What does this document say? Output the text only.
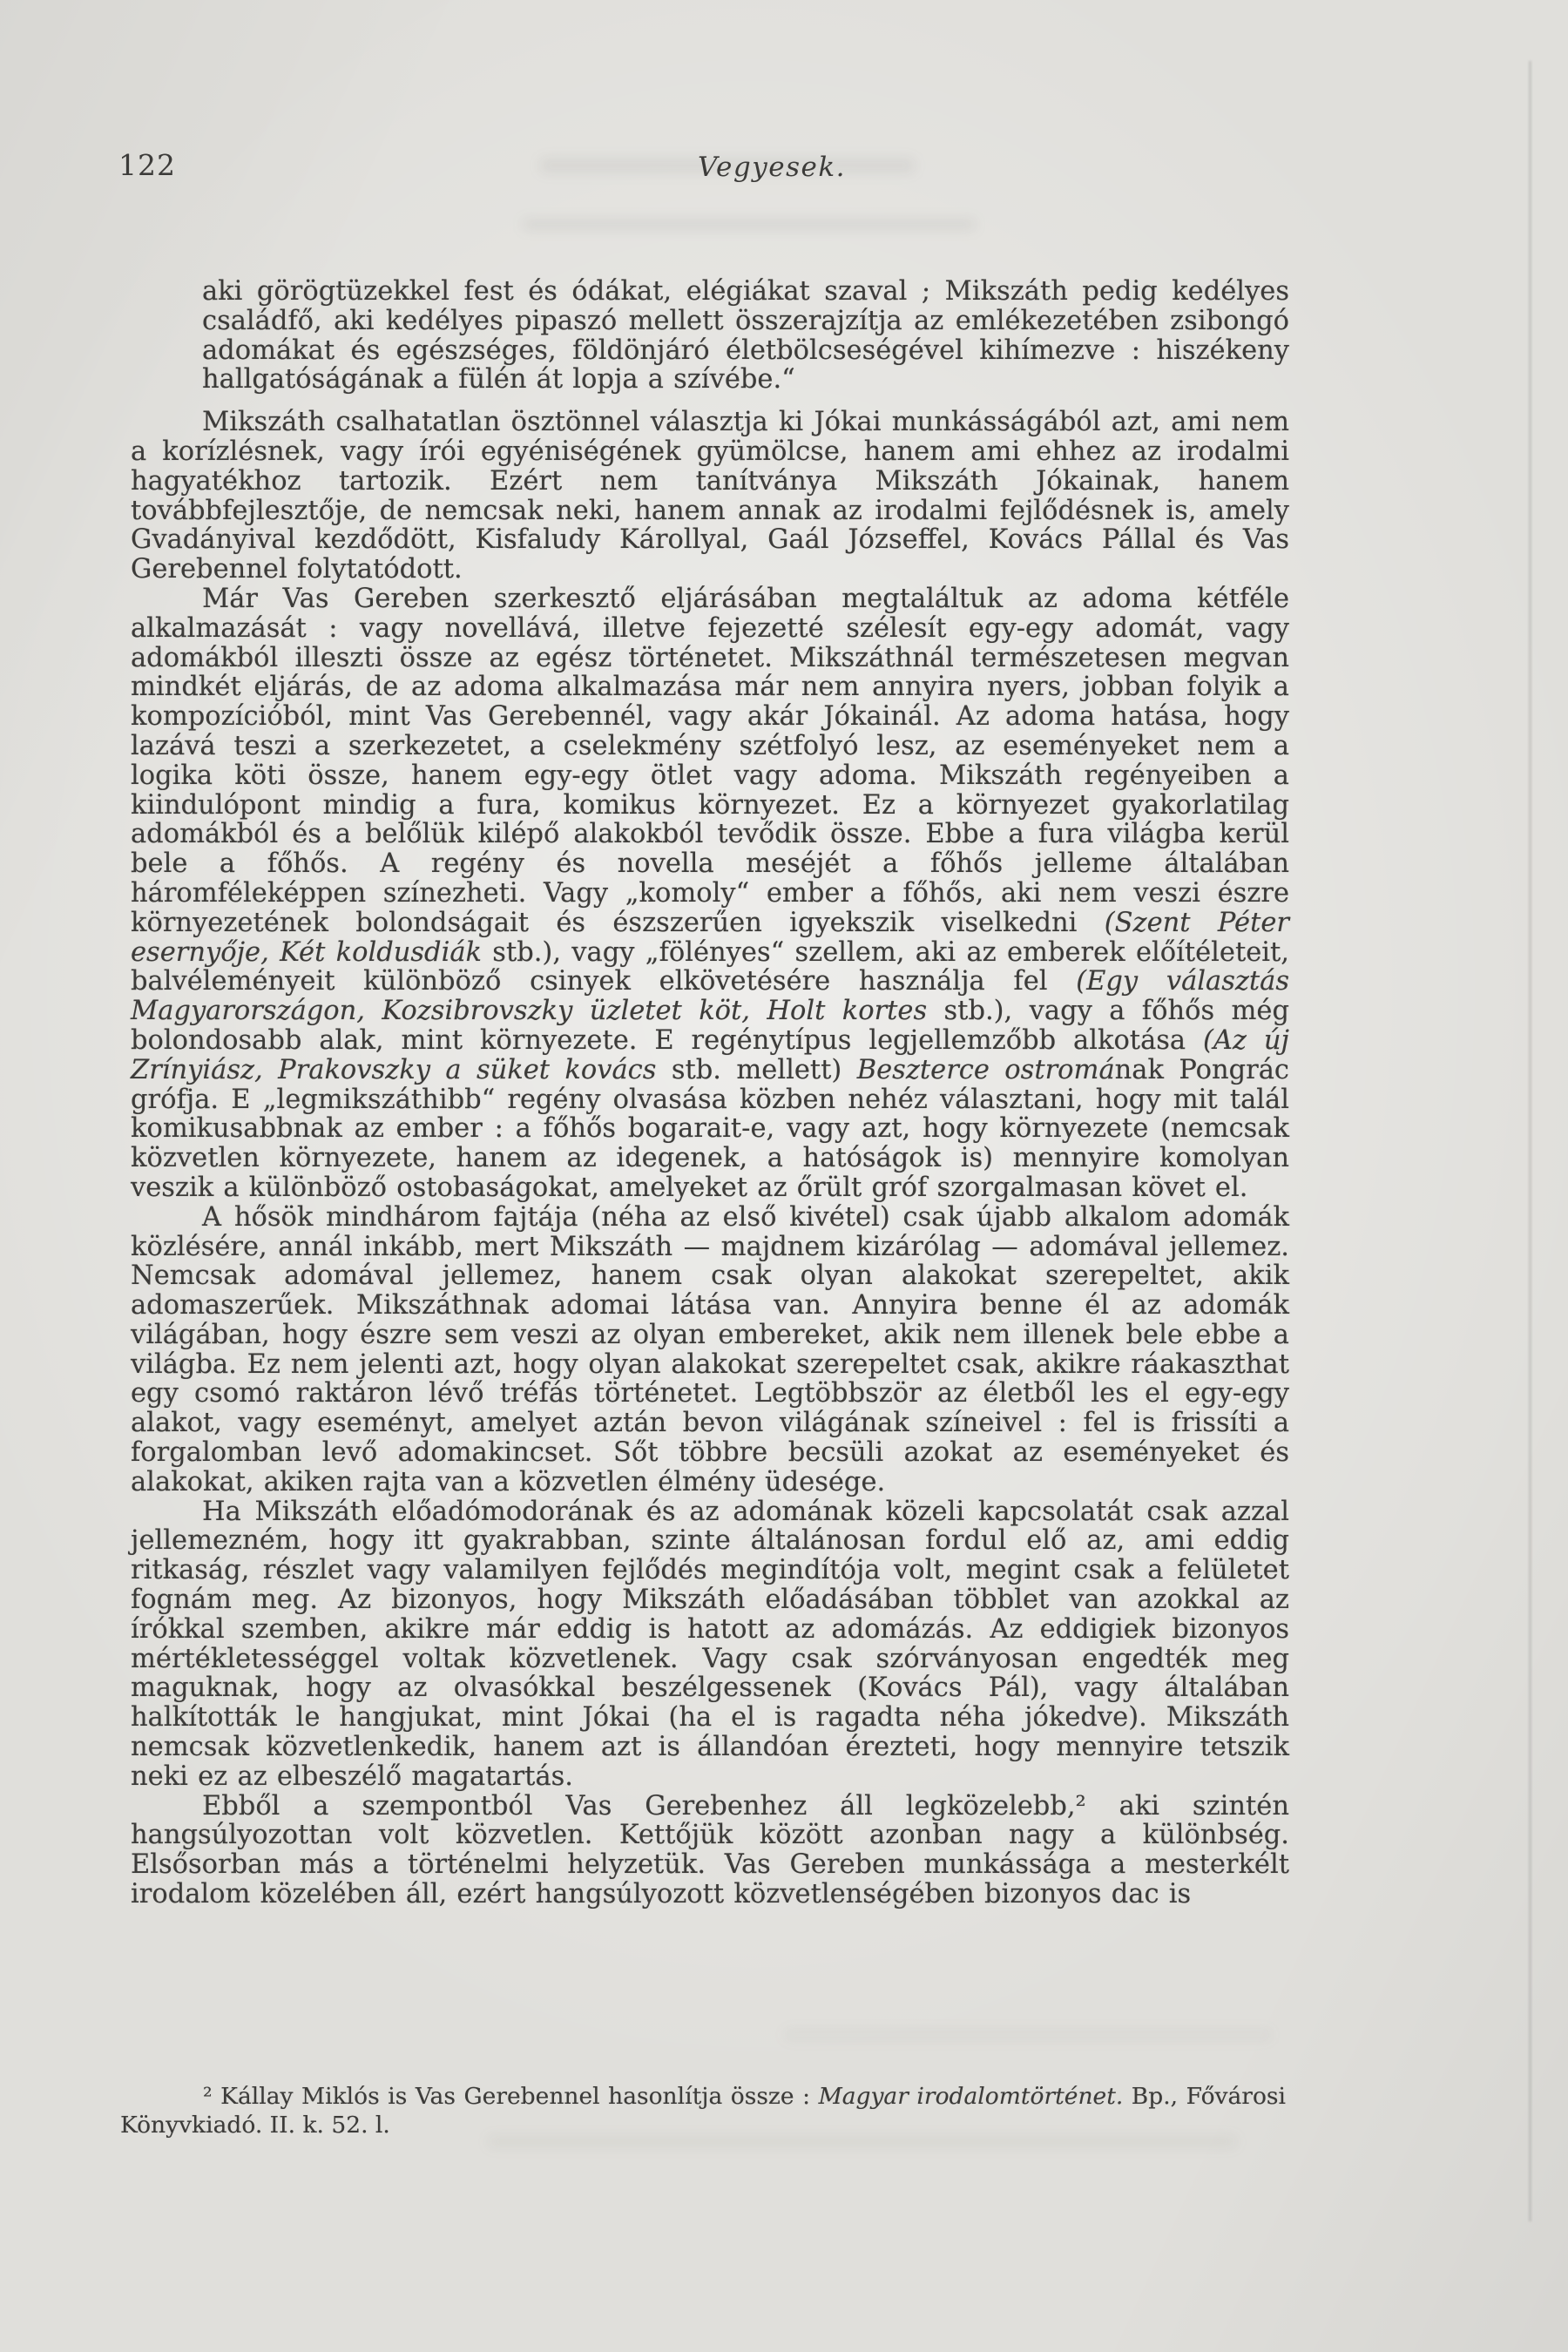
122	Vegyesek.

aki görögtüzekkel fest és ódákat, elégiákat szaval ; Mikszáth pedig kedélyes családfő, aki kedélyes pipaszó mellett összerajzítja az emlékezetében zsibongó adomákat és egészséges, földönjáró életbölcseségével kihímezve : hiszékeny hallgatóságának a fülén át lopja a szívébe.“

Mikszáth csalhatatlan ösztönnel választja ki Jókai munkásságából azt, ami nem a korízlésnek, vagy írói egyéniségének gyümölcse, hanem ami ehhez az irodalmi hagyatékhoz tartozik. Ezért nem tanítványa Mikszáth Jókainak, hanem továbbfejlesztője, de nemcsak neki, hanem annak az irodalmi fejlődésnek is, amely Gvadányival kezdődött, Kisfaludy Károllyal, Gaál Józseffel, Kovács Pállal és Vas Gerebennel folytatódott.

Már Vas Gereben szerkesztő eljárásában megtaláltuk az adoma kétféle alkalmazását : vagy novellává, illetve fejezetté szélesít egy-egy adomát, vagy adomákból illeszti össze az egész történetet. Mikszáthnál természetesen megvan mindkét eljárás, de az adoma alkalmazása már nem annyira nyers, jobban folyik a kompozícióból, mint Vas Gerebennél, vagy akár Jókainál. Az adoma hatása, hogy lazává teszi a szerkezetet, a cselekmény szétfolyó lesz, az eseményeket nem a logika köti össze, hanem egy-egy ötlet vagy adoma. Mikszáth regényeiben a kiindulópont mindig a fura, komikus környezet. Ez a környezet gyakorlatilag adomákból és a belőlük kilépő alakokból tevődik össze. Ebbe a fura világba kerül bele a főhős. A regény és novella meséjét a főhős jelleme általában háromféleképpen színezheti. Vagy „komoly“ ember a főhős, aki nem veszi észre környezetének bolondságait és észszerűen igyekszik viselkedni (Szent Péter esernyője, Két koldusdiák stb.), vagy „fölényes“ szellem, aki az emberek előítéleteit, balvéleményeit különböző csinyek elkövetésére használja fel (Egy választás Magyarországon, Kozsibrovszky üzletet köt, Holt kortes stb.), vagy a főhős még bolondosabb alak, mint környezete. E regénytípus legjellemzőbb alkotása (Az új Zrínyiász, Prakovszky a süket kovács stb. mellett) Beszterce ostromának Pongrác grófja. E „legmikszáthibb“ regény olvasása közben nehéz választani, hogy mit talál komikusabbnak az ember : a főhős bogarait-e, vagy azt, hogy környezete (nemcsak közvetlen környezete, hanem az idegenek, a hatóságok is) mennyire komolyan veszik a különböző ostobaságokat, amelyeket az őrült gróf szorgalmasan követ el.

A hősök mindhárom fajtája (néha az első kivétel) csak újabb alkalom adomák közlésére, annál inkább, mert Mikszáth — majdnem kizárólag — adomával jellemez. Nemcsak adomával jellemez, hanem csak olyan alakokat szerepeltet, akik adomaszerűek. Mikszáthnak adomai látása van. Annyira benne él az adomák világában, hogy észre sem veszi az olyan embereket, akik nem illenek bele ebbe a világba. Ez nem jelenti azt, hogy olyan alakokat szerepeltet csak, akikre ráakaszthat egy csomó raktáron lévő tréfás történetet. Legtöbbször az életből les el egy-egy alakot, vagy eseményt, amelyet aztán bevon világának színeivel : fel is frissíti a forgalomban levő adomakincset. Sőt többre becsüli azokat az eseményeket és alakokat, akiken rajta van a közvetlen élmény üdesége.

Ha Mikszáth előadómodorának és az adomának közeli kapcsolatát csak azzal jellemezném, hogy itt gyakrabban, szinte általánosan fordul elő az, ami eddig ritkaság, részlet vagy valamilyen fejlődés megindítója volt, megint csak a felületet fognám meg. Az bizonyos, hogy Mikszáth előadásában többlet van azokkal az írókkal szemben, akikre már eddig is hatott az adomázás. Az eddigiek bizonyos mértékletességgel voltak közvetlenek. Vagy csak szórványosan engedték meg maguknak, hogy az olvasókkal beszélgessenek (Kovács Pál), vagy általában halkították le hangjukat, mint Jókai (ha el is ragadta néha jókedve). Mikszáth nemcsak közvetlenkedik, hanem azt is állandóan érezteti, hogy mennyire tetszik neki ez az elbeszélő magatartás.

Ebből a szempontból Vas Gerebenhez áll legközelebb,² aki szintén hangsúlyozottan volt közvetlen. Kettőjük között azonban nagy a különbség. Elsősorban más a történelmi helyzetük. Vas Gereben munkássága a mesterkélt irodalom közelében áll, ezért hangsúlyozott közvetlenségében bizonyos dac is

² Kállay Miklós is Vas Gerebennel hasonlítja össze : Magyar irodalomtörténet. Bp., Fővárosi Könyvkiadó. II. k. 52. l.
